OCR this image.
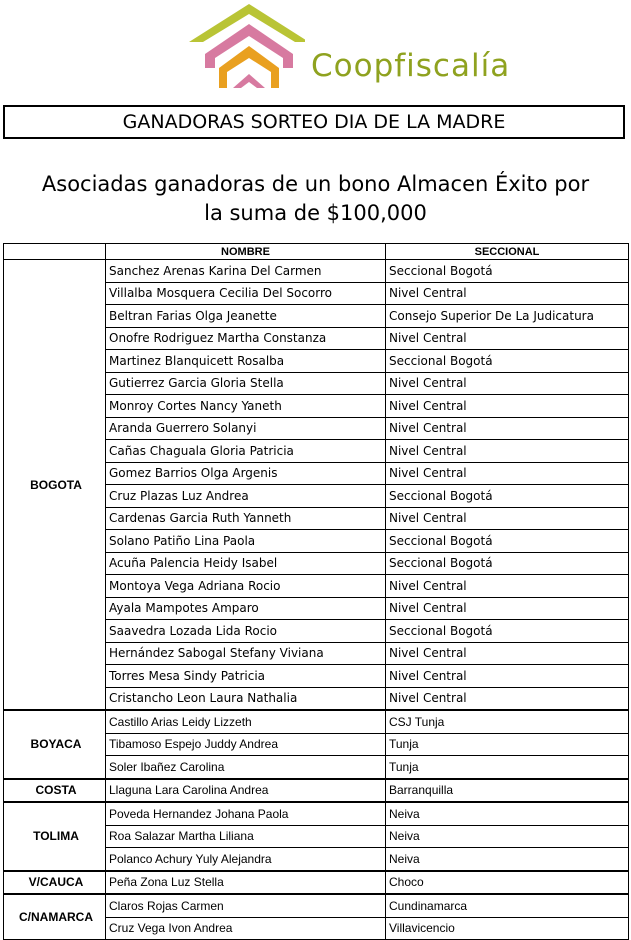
Coopfiscalía
GANADORAS SORTEO DIA DE LA MADRE
Asociadas ganadoras de un bono Almacen Éxito por
la suma de $100,000
	NOMBRE	SECCIONAL
BOGOTA	Sanchez Arenas Karina Del Carmen	Seccional Bogotá
	Villalba Mosquera Cecilia Del Socorro	Nivel Central
	Beltran Farias Olga Jeanette	Consejo Superior De La Judicatura
	Onofre Rodriguez Martha Constanza	Nivel Central
	Martinez Blanquicett Rosalba	Seccional Bogotá
	Gutierrez Garcia Gloria Stella	Nivel Central
	Monroy Cortes Nancy Yaneth	Nivel Central
	Aranda Guerrero Solanyi	Nivel Central
	Cañas Chaguala Gloria Patricia	Nivel Central
	Gomez Barrios Olga Argenis	Nivel Central
	Cruz Plazas Luz Andrea	Seccional Bogotá
	Cardenas Garcia Ruth Yanneth	Nivel Central
	Solano Patiño Lina Paola	Seccional Bogotá
	Acuña Palencia Heidy Isabel	Seccional Bogotá
	Montoya Vega Adriana Rocio	Nivel Central
	Ayala Mampotes Amparo	Nivel Central
	Saavedra Lozada Lida Rocio	Seccional Bogotá
	Hernández Sabogal Stefany Viviana	Nivel Central
	Torres Mesa Sindy Patricia	Nivel Central
	Cristancho Leon Laura Nathalia	Nivel Central
BOYACA	Castillo Arias Leidy Lizzeth	CSJ Tunja
	Tibamoso Espejo Juddy Andrea	Tunja
	Soler Ibañez Carolina	Tunja
COSTA	Llaguna Lara Carolina Andrea	Barranquilla
TOLIMA	Poveda Hernandez Johana Paola	Neiva
	Roa Salazar Martha Liliana	Neiva
	Polanco Achury Yuly Alejandra	Neiva
V/CAUCA	Peña Zona Luz Stella	Choco
C/NAMARCA	Claros Rojas Carmen	Cundinamarca
	Cruz Vega Ivon Andrea	Villavicencio
